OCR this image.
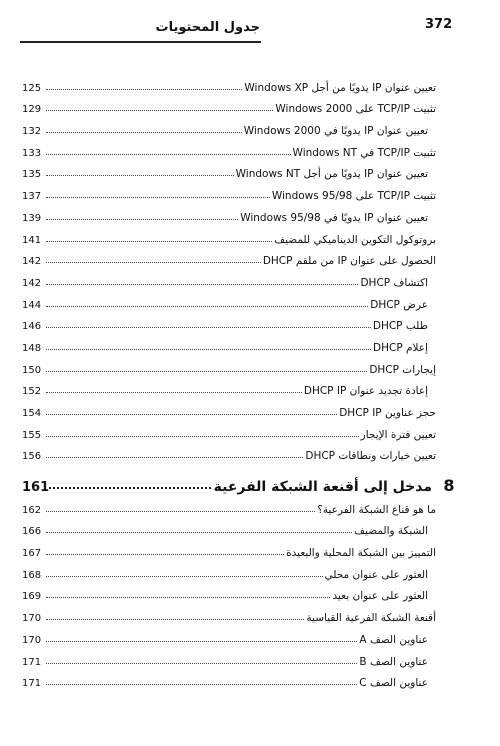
372
جدول المحتويات
تعيين عنوان IP يدويًا من أجل Windows XP
125
تثبيت TCP/IP على Windows 2000
129
تعيين عنوان IP يدويًا في Windows 2000
132
تثبيت TCP/IP في Windows NT
133
تعيين عنوان IP يدويًا من أجل Windows NT
135
تثبيت TCP/IP على Windows 95/98
137
تعيين عنوان IP يدويًا في Windows 95/98
139
بروتوكول التكوين الديناميكي للمضيف
141
الحصول على عنوان IP من ملقم DHCP
142
اكتشاف DHCP
142
عرض DHCP
144
طلب DHCP
146
إعلام DHCP
148
إيجارات DHCP
150
إعادة تجديد عنوان DHCP IP
152
حجز عناوين DHCP IP
154
تعيين فترة الإيجار
155
تعيين خيارات ونطاقات DHCP
156
8
مدخل إلى أقنعة الشبكة الفرعية
161
ما هو قناع الشبكة الفرعية؟
162
الشبكة والمضيف
166
التمييز بين الشبكة المحلية والبعيدة
167
العثور على عنوان محلي
168
العثور على عنوان بعيد
169
أقنعة الشبكة الفرعية القياسية
170
عناوين الصف A
170
عناوين الصف B
171
عناوين الصف C
171
